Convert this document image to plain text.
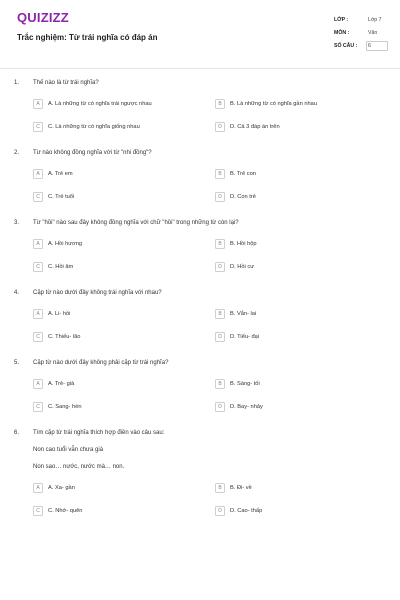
QUIZIZZ
Trắc nghiệm: Từ trái nghĩa có đáp án
LỚP :	Lớp 7
MÔN :	Văn
SỐ CÂU : 6
1. Thế nào là từ trái nghĩa?
A	A. Là những từ có nghĩa trái ngược nhau	B	B. Là những từ có nghĩa gần nhau
C	C. Là những từ có nghĩa giống nhau	D	D. Cả 3 đáp án trên
2. Từ nào không đồng nghĩa với từ "nhi đồng"?
A	A. Trẻ em	B	B. Trẻ con
C	C. Trẻ tuổi	D	D. Con trẻ
3. Từ "hồi" nào sau đây không đồng nghĩa với chữ "hồi" trong những từ còn lại?
A	A. Hồi hương	B	B. Hồi hộp
C	C. Hồi âm	D	D. Hồi cư
4. Cặp từ nào dưới đây không trái nghĩa với nhau?
A	A. Li- hồi	B	B. Vắn- lai
C	C. Thiếu- lão	D	D. Tiểu- đại
5. Cặp từ nào dưới đây không phải cặp từ trái nghĩa?
A	A. Trẻ- già	B	B. Sáng- tối
C	C. Sang- hèn	D	D. Bay- nhảy
6. Tìm cặp từ trái nghĩa thích hợp điền vào câu sau:
Non cao tuổi vẫn chưa già
Non sao… nước, nước mà… non.
A	A. Xa- gần	B	B. Đi- về
C	C. Nhớ- quên	D	D. Cao- thấp
